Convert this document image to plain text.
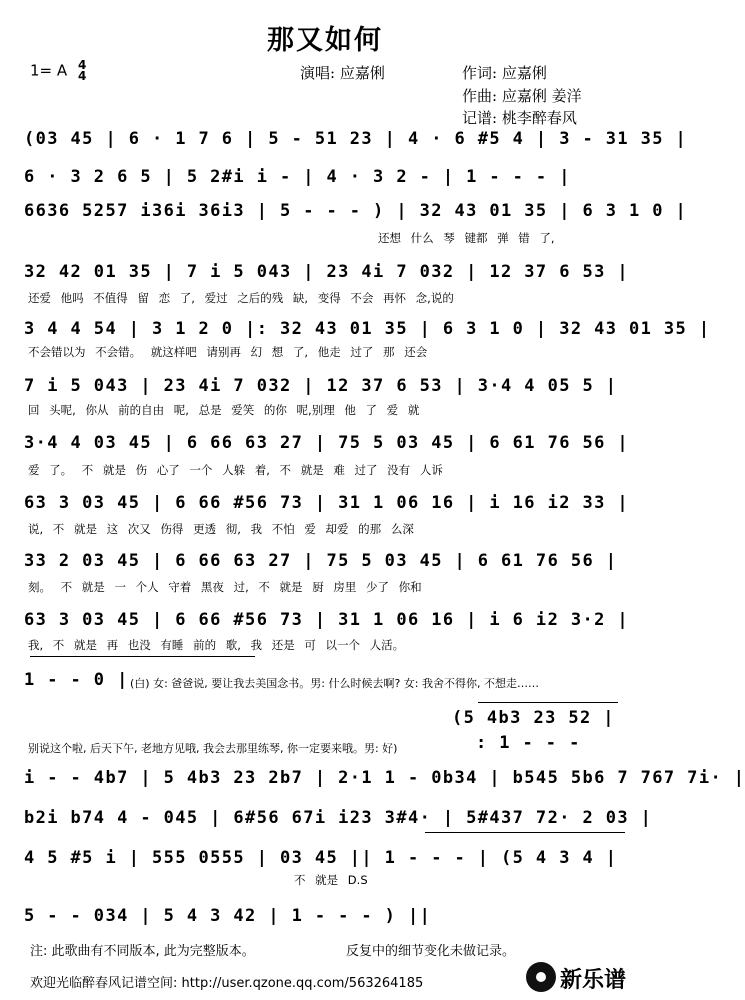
那又如何
1= A 4
4	演唱: 应嘉俐	作词: 应嘉俐
作曲: 应嘉俐 姜洋
记谱: 桃李醉春风
(03 45 | 6 · 1 7 6 | 5 - 51 23 | 4 · 6 #5 4 | 3 - 31 35 |
6 · 3 2 6 5 | 5 2#i i - | 4 · 3 2 - | 1 - - - |
6636 5257 i36i 36i3 | 5 - - - ) | 32 43 01 35 | 6 3 1 0 |
还想 什么 琴 键都 弹 错 了,
32 42 01 35 | 7 i 5 043 | 23 4i 7 032 | 12 37 6 53 |
还爱 他吗 不值得 留 恋 了, 爱过 之后的残 缺, 变得 不会 再怀 念,说的
3 4 4 54 | 3 1 2 0 |: 32 43 01 35 | 6 3 1 0 | 32 43 01 35 |
不会错以为 不会错。 就这样吧 请别再 幻 想 了, 他走 过了 那 还会
7 i 5 043 | 23 4i 7 032 | 12 37 6 53 | 3·4 4 05 5 |
回 头呢, 你从 前的自由 呢, 总是 爱笑 的你 呢,别理 他 了 爱 就
3·4 4 03 45 | 6 66 63 27 | 75 5 03 45 | 6 61 76 56 |
爱 了。 不 就是 伤 心了 一个 人躲 着, 不 就是 难 过了 没有 人诉
63 3 03 45 | 6 66 #56 73 | 31 1 06 16 | i 16 i2 33 |
说, 不 就是 这 次又 伤得 更透 彻, 我 不怕 爱 却爱 的那 么深
33 2 03 45 | 6 66 63 27 | 75 5 03 45 | 6 61 76 56 |
刻。 不 就是 一 个人 守着 黑夜 过, 不 就是 厨 房里 少了 你和
63 3 03 45 | 6 66 #56 73 | 31 1 06 16 | i 6 i2 3·2 |
我, 不 就是 再 也没 有睡 前的 歌, 我 还是 可 以一个 人活。
1 - - 0 | (白) 女: 爸爸说, 要让我去美国念书。男: 什么时候去啊? 女: 我舍不得你, 不想走……
(5 4b3 23 52 |
别说这个啦, 后天下午, 老地方见哦, 我会去那里练琴, 你一定要来哦。男: 好)	: 1 - - -
i - - 4b7 | 5 4b3 23 2b7 | 2·1 1 - 0b34 | b545 5b6 7 767 7i· |
b2i b74 4 - 045 | 6#56 67i i23 3#4· | 5#437 72· 2 03 |
4 5 #5 i | 555 0555 | 03 45 || 1 - - - | (5 4 3 4 |
不 就是 D.S
5 - - 034 | 5 4 3 42 | 1 - - - ) ||
注: 此歌曲有不同版本, 此为完整版本。	反复中的细节变化未做记录。
欢迎光临醉春风记谱空间: http://user.qzone.qq.com/563264185	新乐谱
